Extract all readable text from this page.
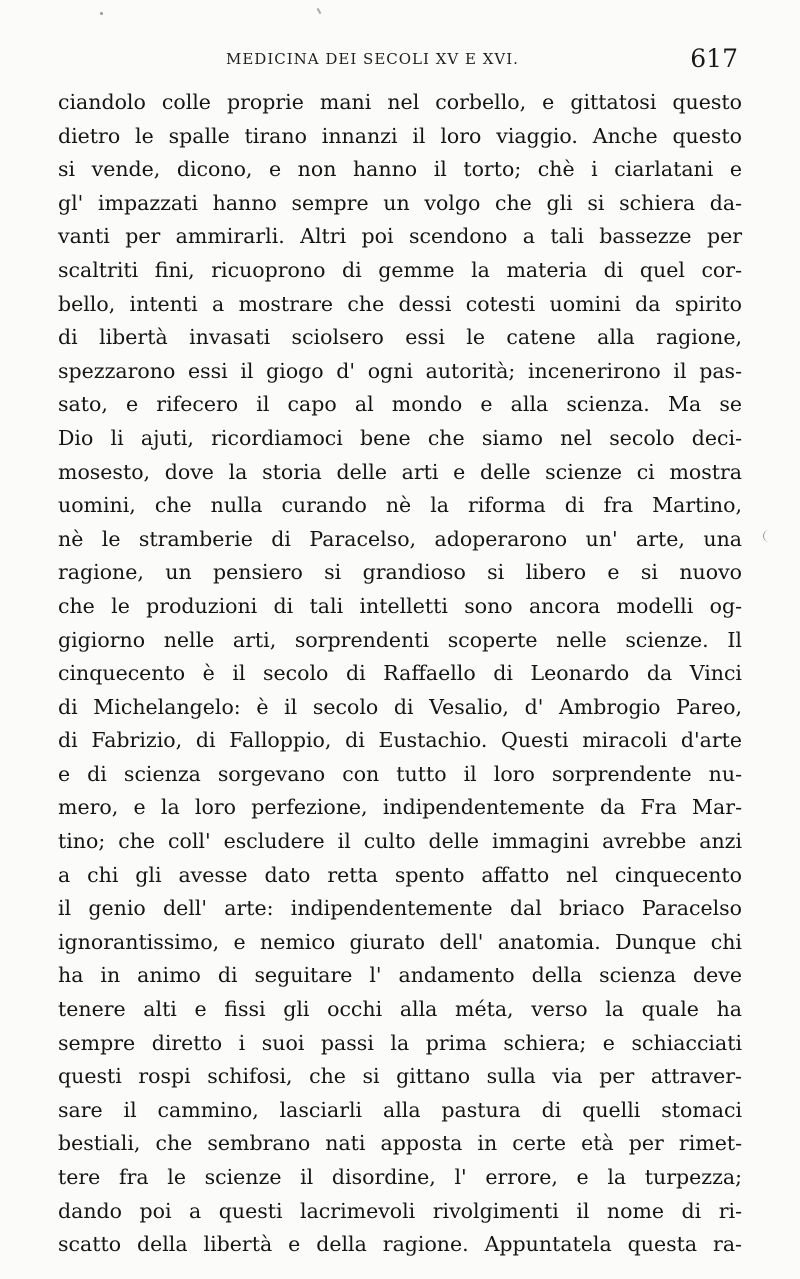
MEDICINA DEI SECOLI XV E XVI.	617
ciandolo colle proprie mani nel corbello, e gittatosi questo
dietro le spalle tirano innanzi il loro viaggio. Anche questo
si vende, dicono, e non hanno il torto; chè i ciarlatani e
gl' impazzati hanno sempre un volgo che gli si schiera da-
vanti per ammirarli. Altri poi scendono a tali bassezze per
scaltriti fini, ricuoprono di gemme la materia di quel cor-
bello, intenti a mostrare che dessi cotesti uomini da spirito
di libertà invasati sciolsero essi le catene alla ragione,
spezzarono essi il giogo d' ogni autorità; incenerirono il pas-
sato, e rifecero il capo al mondo e alla scienza. Ma se
Dio li ajuti, ricordiamoci bene che siamo nel secolo deci-
mosesto, dove la storia delle arti e delle scienze ci mostra
uomini, che nulla curando nè la riforma di fra Martino,
nè le stramberie di Paracelso, adoperarono un' arte, una
ragione, un pensiero si grandioso si libero e si nuovo
che le produzioni di tali intelletti sono ancora modelli og-
gigiorno nelle arti, sorprendenti scoperte nelle scienze. Il
cinquecento è il secolo di Raffaello di Leonardo da Vinci
di Michelangelo: è il secolo di Vesalio, d' Ambrogio Pareo,
di Fabrizio, di Falloppio, di Eustachio. Questi miracoli d'arte
e di scienza sorgevano con tutto il loro sorprendente nu-
mero, e la loro perfezione, indipendentemente da Fra Mar-
tino; che coll' escludere il culto delle immagini avrebbe anzi
a chi gli avesse dato retta spento affatto nel cinquecento
il genio dell' arte: indipendentemente dal briaco Paracelso
ignorantissimo, e nemico giurato dell' anatomia. Dunque chi
ha in animo di seguitare l' andamento della scienza deve
tenere alti e fissi gli occhi alla méta, verso la quale ha
sempre diretto i suoi passi la prima schiera; e schiacciati
questi rospi schifosi, che si gittano sulla via per attraver-
sare il cammino, lasciarli alla pastura di quelli stomaci
bestiali, che sembrano nati apposta in certe età per rimet-
tere fra le scienze il disordine, l' errore, e la turpezza;
dando poi a questi lacrimevoli rivolgimenti il nome di ri-
scatto della libertà e della ragione. Appuntatela questa ra-
